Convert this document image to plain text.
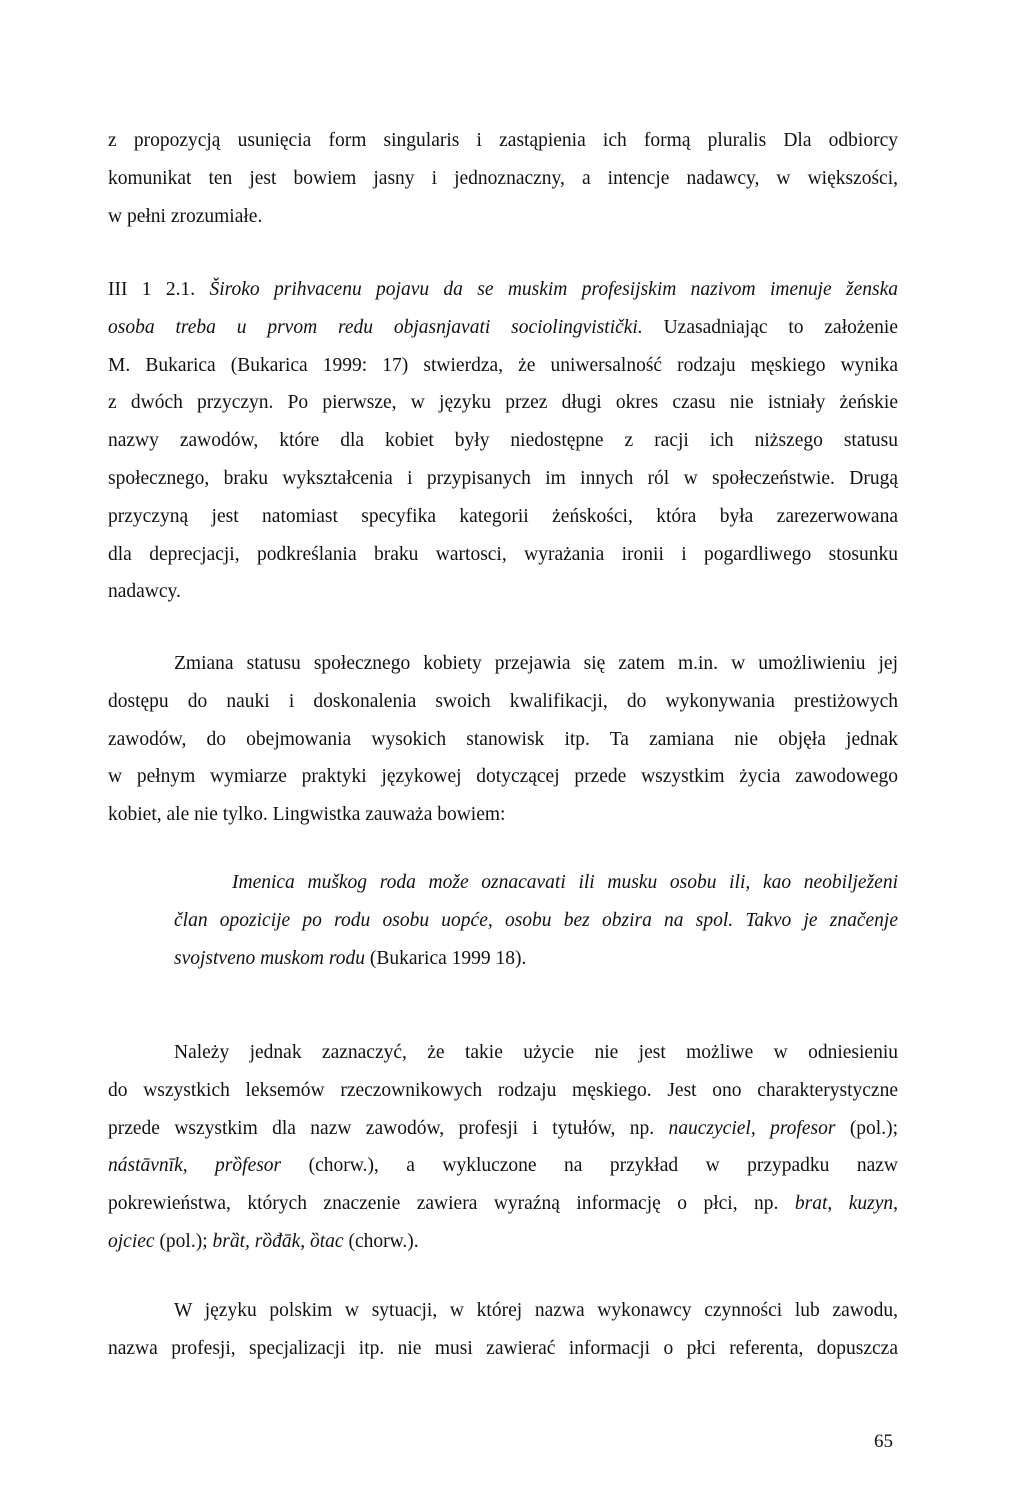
z propozycją usunięcia form singularis i zastąpienia ich formą pluralis Dla odbiorcy
komunikat ten jest bowiem jasny i jednoznaczny, a intencje nadawcy, w większości,
w pełni zrozumiałe.
III 1 2.1. Široko prihvacenu pojavu da se muskim profesijskim nazivom imenuje ženska
osoba treba u prvom redu objasnjavati sociolingvistički. Uzasadniając to założenie
M. Bukarica (Bukarica 1999: 17) stwierdza, że uniwersalność rodzaju męskiego wynika
z dwóch przyczyn. Po pierwsze, w języku przez długi okres czasu nie istniały żeńskie
nazwy zawodów, które dla kobiet były niedostępne z racji ich niższego statusu
społecznego, braku wykształcenia i przypisanych im innych ról w społeczeństwie. Drugą
przyczyną jest natomiast specyfika kategorii żeńskości, która była zarezerwowana
dla deprecjacji, podkreślania braku wartosci, wyrażania ironii i pogardliwego stosunku
nadawcy.
Zmiana statusu społecznego kobiety przejawia się zatem m.in. w umożliwieniu jej
dostępu do nauki i doskonalenia swoich kwalifikacji, do wykonywania prestiżowych
zawodów, do obejmowania wysokich stanowisk itp. Ta zamiana nie objęła jednak
w pełnym wymiarze praktyki językowej dotyczącej przede wszystkim życia zawodowego
kobiet, ale nie tylko. Lingwistka zauważa bowiem:
Imenica muškog roda može oznacavati ili musku osobu ili, kao neobilježeni
član opozicije po rodu osobu uopće, osobu bez obzira na spol. Takvo je značenje
svojstveno muskom rodu (Bukarica 1999 18).
Należy jednak zaznaczyć, że takie użycie nie jest możliwe w odniesieniu
do wszystkich leksemów rzeczownikowych rodzaju męskiego. Jest ono charakterystyczne
przede wszystkim dla nazw zawodów, profesji i tytułów, np. nauczyciel, profesor (pol.);
nástāvnīk, prȍfesor (chorw.), a wykluczone na przykład w przypadku nazw
pokrewieństwa, których znaczenie zawiera wyraźną informację o płci, np. brat, kuzyn,
ojciec (pol.); brȁt, rȍđāk, ȍtac (chorw.).
W języku polskim w sytuacji, w której nazwa wykonawcy czynności lub zawodu,
nazwa profesji, specjalizacji itp. nie musi zawierać informacji o płci referenta, dopuszcza
65
